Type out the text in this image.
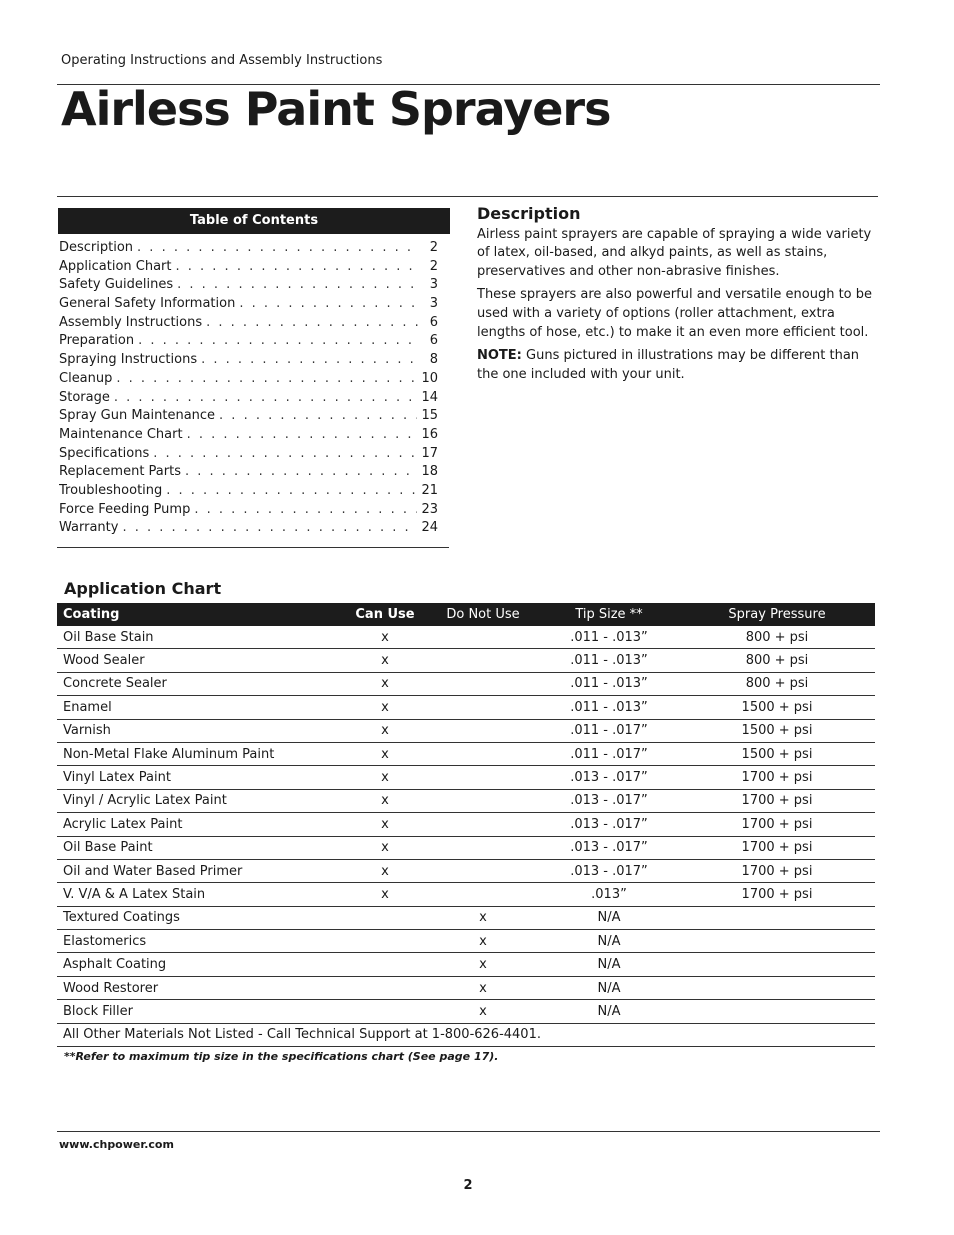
Operating Instructions and Assembly Instructions
Airless Paint Sprayers
Table of Contents
Description . . .	2
Application Chart . . .	2
Safety Guidelines . . .	3
General Safety Information . . .	3
Assembly Instructions . . .	6
Preparation . . .	6
Spraying Instructions . . .	8
Cleanup . . .	10
Storage . . .	14
Spray Gun Maintenance . . .	15
Maintenance Chart . . .	16
Specifications . . .	17
Replacement Parts . . .	18
Troubleshooting . . .	21
Force Feeding Pump . . .	23
Warranty . . .	24
Description

Airless paint sprayers are capable of spraying a wide variety of latex, oil-based, and alkyd paints, as well as stains, preservatives and other non-abrasive finishes.

These sprayers are also powerful and versatile enough to be used with a variety of options (roller attachment, extra lengths of hose, etc.) to make it an even more efficient tool.

NOTE: Guns pictured in illustrations may be different than the one included with your unit.

Application Chart
Coating	Can Use	Do Not Use	Tip Size **	Spray Pressure
Oil Base Stain	x		.011 - .013”	800 + psi
Wood Sealer	x		.011 - .013”	800 + psi
Concrete Sealer	x		.011 - .013”	800 + psi
Enamel	x		.011 - .013”	1500 + psi
Varnish	x		.011 - .017”	1500 + psi
Non-Metal Flake Aluminum Paint	x		.011 - .017”	1500 + psi
Vinyl Latex Paint	x		.013 - .017”	1700 + psi
Vinyl / Acrylic Latex Paint	x		.013 - .017”	1700 + psi
Acrylic Latex Paint	x		.013 - .017”	1700 + psi
Oil Base Paint	x		.013 - .017”	1700 + psi
Oil and Water Based Primer	x		.013 - .017”	1700 + psi
V. V/A & A Latex Stain	x		.013”	1700 + psi
Textured Coatings		x	N/A	
Elastomerics		x	N/A	
Asphalt Coating		x	N/A	
Wood Restorer		x	N/A	
Block Filler		x	N/A	
All Other Materials Not Listed - Call Technical Support at 1-800-626-4401.				
**Refer to maximum tip size in the specifications chart (See page 17).
www.chpower.com
2
